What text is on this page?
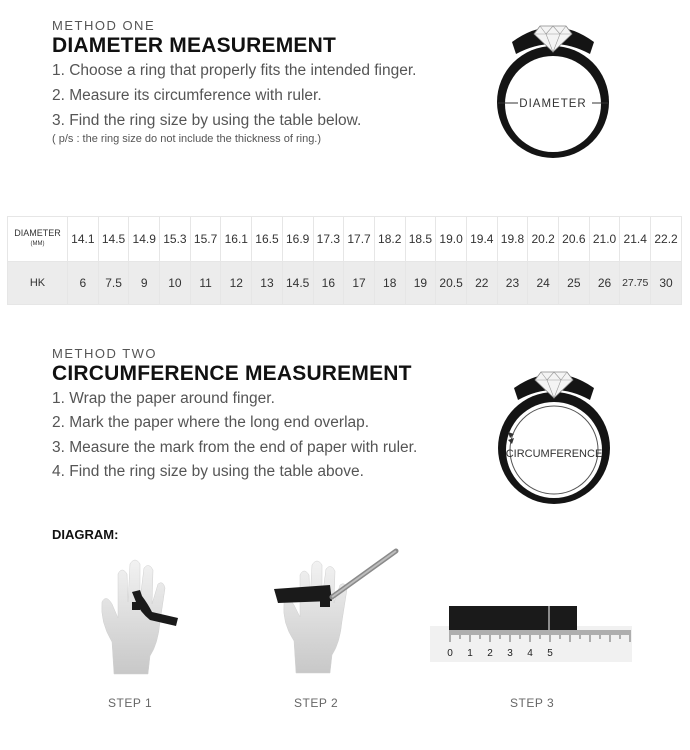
METHOD ONE
DIAMETER MEASUREMENT
1. Choose a ring that properly fits the intended finger.
2. Measure its circumference with ruler.
3. Find the ring size by using the table below.
( p/s : the ring size do not include the thickness of ring.)
DIAMETER
DIAMETER
(MM)	14.1	14.5	14.9	15.3	15.7	16.1	16.5	16.9	17.3	17.7	18.2	18.5	19.0	19.4	19.8	20.2	20.6	21.0	21.4	22.2
HK	6	7.5	9	10	11	12	13	14.5	16	17	18	19	20.5	22	23	24	25	26	27.75	30
METHOD TWO
CIRCUMFERENCE MEASUREMENT
1. Wrap the paper around finger.
2. Mark the paper where the long end overlap.
3. Measure the mark from the end of paper with ruler.
4. Find the ring size by using the table above.
CIRCUMFERENCE
DIAGRAM:
0 1 2 3 4 5
STEP 1	STEP 2	STEP 3
